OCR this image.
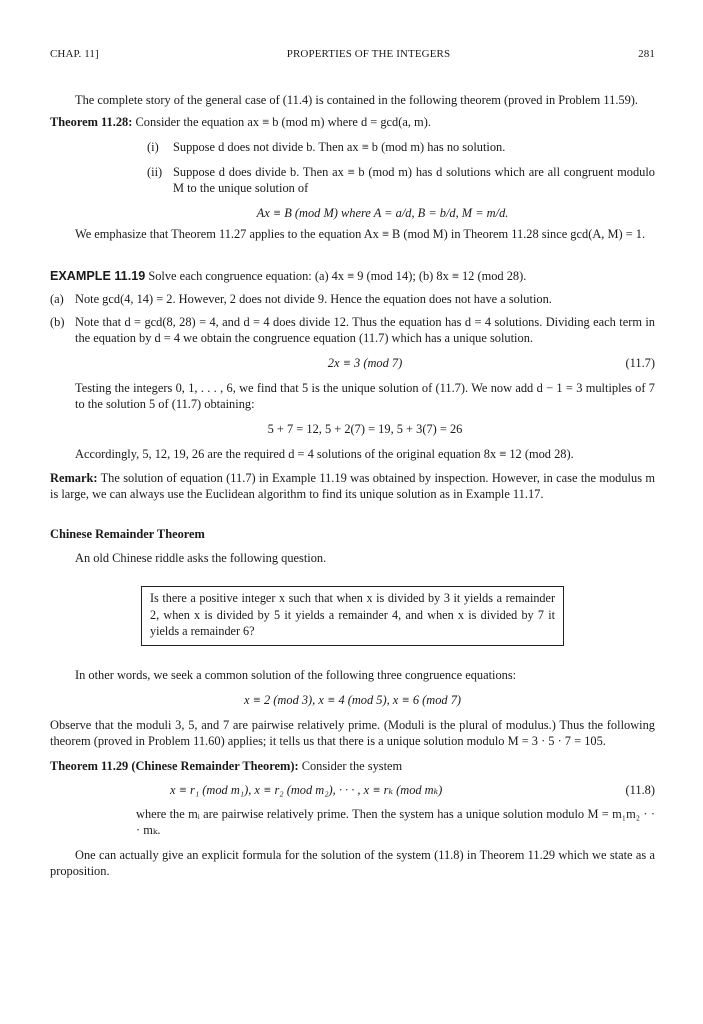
CHAP. 11]	PROPERTIES OF THE INTEGERS	281

The complete story of the general case of (11.4) is contained in the following theorem (proved in Problem 11.59).

Theorem 11.28: Consider the equation ax ≡ b (mod m) where d = gcd(a, m).

(i)	Suppose d does not divide b. Then ax ≡ b (mod m) has no solution.
(ii) Suppose d does divide b. Then ax ≡ b (mod m) has d solutions which are all congruent modulo M to the unique solution of

Ax ≡ B (mod M) where A = a/d, B = b/d, M = m/d.

We emphasize that Theorem 11.27 applies to the equation Ax ≡ B (mod M) in Theorem 11.28 since gcd(A, M) = 1.

EXAMPLE 11.19 Solve each congruence equation: (a) 4x ≡ 9 (mod 14); (b) 8x ≡ 12 (mod 28).

(a) Note gcd(4, 14) = 2. However, 2 does not divide 9. Hence the equation does not have a solution.
(b) Note that d = gcd(8, 28) = 4, and d = 4 does divide 12. Thus the equation has d = 4 solutions. Dividing each term in the equation by d = 4 we obtain the congruence equation (11.7) which has a unique solution.
2x ≡ 3 (mod 7)	(11.7)

Testing the integers 0, 1, . . . , 6, we find that 5 is the unique solution of (11.7). We now add d − 1 = 3 multiples of 7 to the solution 5 of (11.7) obtaining:

5 + 7 = 12, 5 + 2(7) = 19, 5 + 3(7) = 26

Accordingly, 5, 12, 19, 26 are the required d = 4 solutions of the original equation 8x ≡ 12 (mod 28).

Remark: The solution of equation (11.7) in Example 11.19 was obtained by inspection. However, in case the modulus m is large, we can always use the Euclidean algorithm to find its unique solution as in Example 11.17.

Chinese Remainder Theorem

An old Chinese riddle asks the following question.

Is there a positive integer x such that when x is divided by 3 it yields a remainder 2, when x is divided by 5 it yields a remainder 4, and when x is divided by 7 it yields a remainder 6?

In other words, we seek a common solution of the following three congruence equations:

x ≡ 2 (mod 3), x ≡ 4 (mod 5), x ≡ 6 (mod 7)

Observe that the moduli 3, 5, and 7 are pairwise relatively prime. (Moduli is the plural of modulus.) Thus the following theorem (proved in Problem 11.60) applies; it tells us that there is a unique solution modulo M = 3 · 5 · 7 = 105.

Theorem 11.29 (Chinese Remainder Theorem): Consider the system

x ≡ r₁ (mod m₁), x ≡ r₂ (mod m₂), · · · , x ≡ rₖ (mod mₖ)	(11.8)

where the mᵢ are pairwise relatively prime. Then the system has a unique solution modulo M = m₁m₂ · · · mₖ.

One can actually give an explicit formula for the solution of the system (11.8) in Theorem 11.29 which we state as a proposition.
